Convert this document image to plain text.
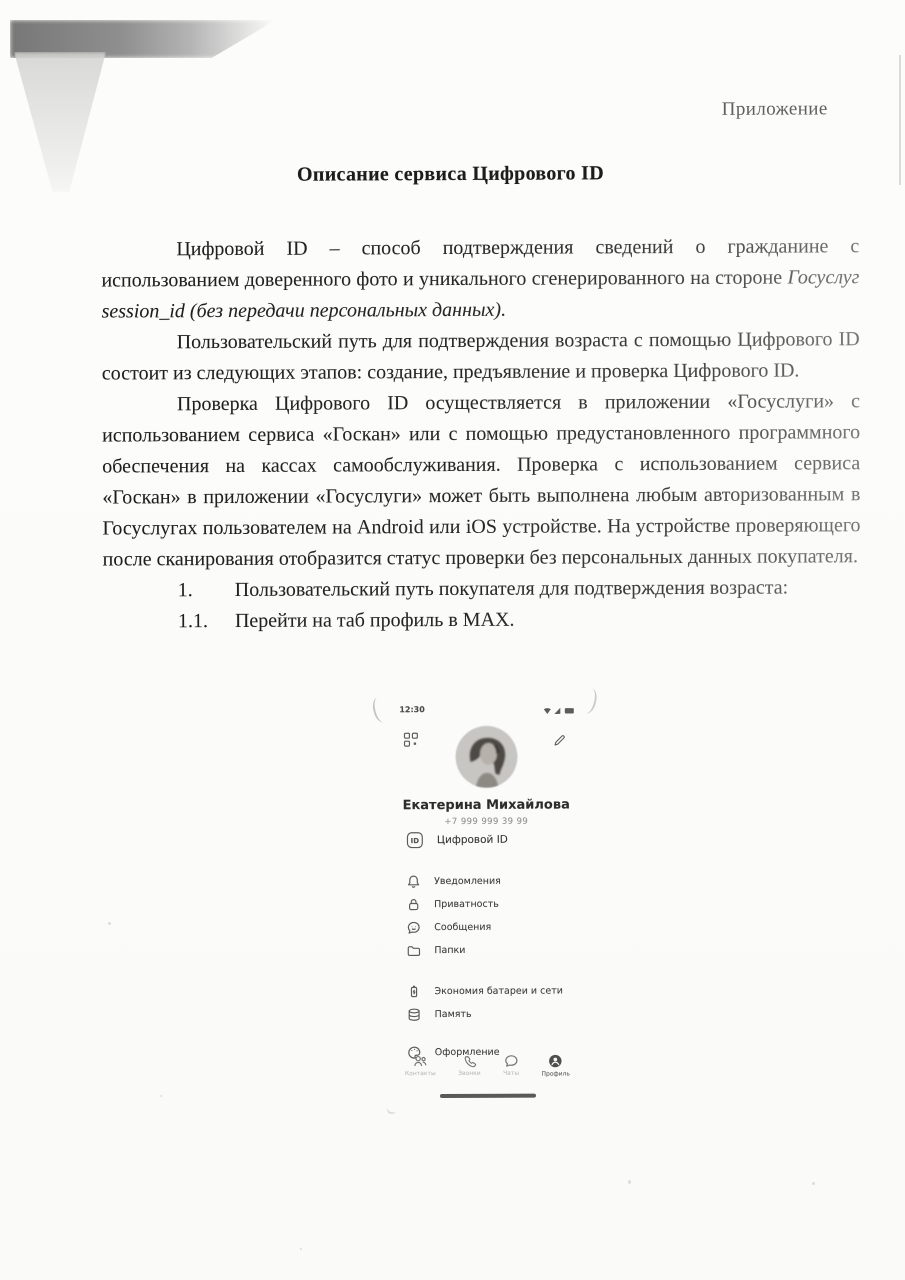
Приложение
Описание сервиса Цифрового ID

Цифровой ID – способ подтверждения сведений о гражданине с использованием доверенного фото и уникального сгенерированного на стороне Госуслуг session_id (без передачи персональных данных).

Пользовательский путь для подтверждения возраста с помощью Цифрового ID состоит из следующих этапов: создание, предъявление и проверка Цифрового ID.

Проверка Цифрового ID осуществляется в приложении «Госуслуги» с использованием сервиса «Госкан» или с помощью предустановленного программного обеспечения на кассах самообслуживания. Проверка с использованием сервиса «Госкан» в приложении «Госуслуги» может быть выполнена любым авторизованным в Госуслугах пользователем на Android или iOS устройстве. На устройстве проверяющего после сканирования отобразится статус проверки без персональных данных покупателя.

1.	Пользовательский путь покупателя для подтверждения возраста:
1.1.	Перейти на таб профиль в MAX.
12:30
Екатерина Михайлова
+7 999 999 39 99
ID Цифровой ID
Уведомления
Приватность
Сообщения
Папки
Экономия батареи и сети
Память
Оформление
Контакты	Звонки	Чаты	Профиль
